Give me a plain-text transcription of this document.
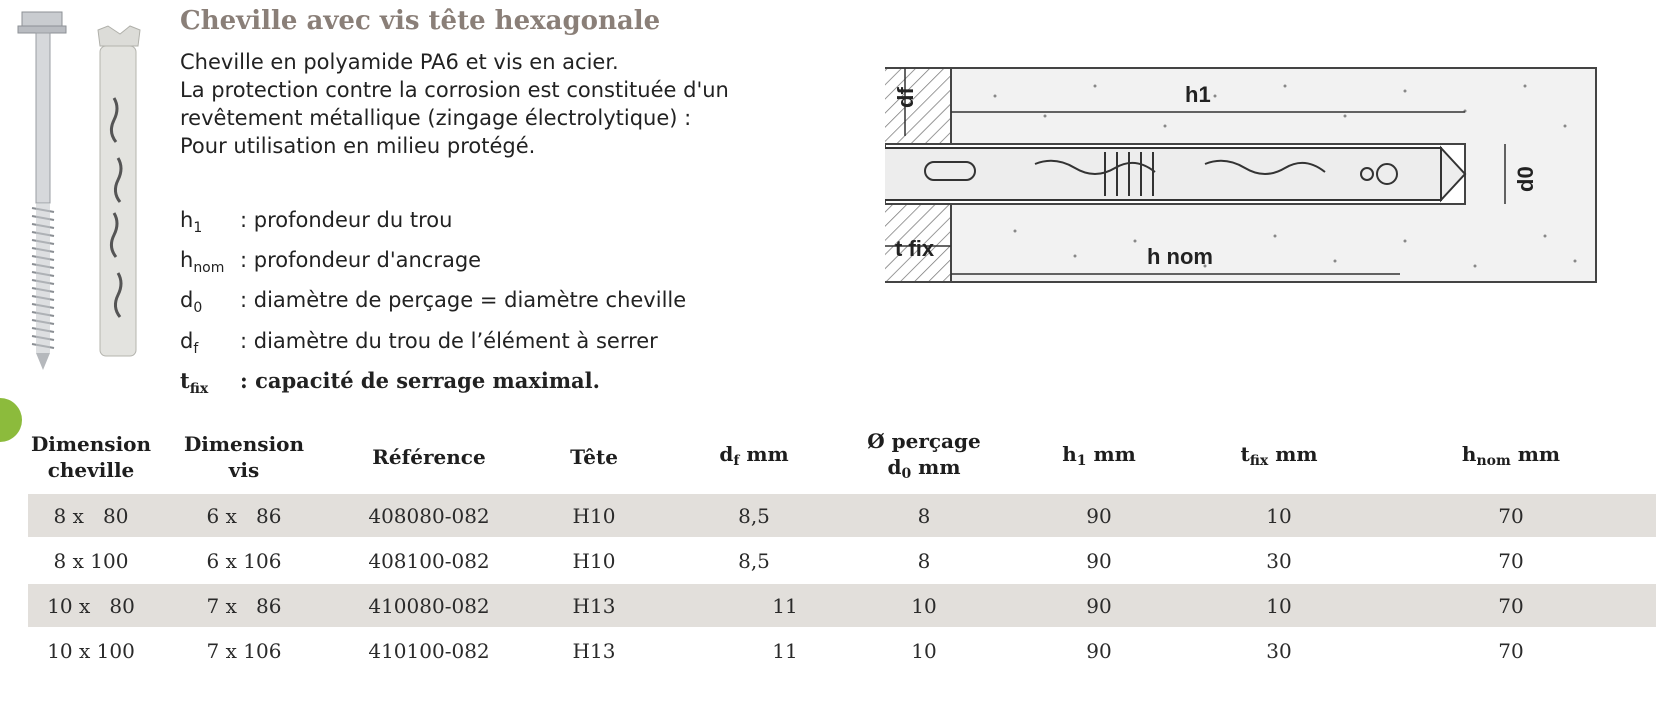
Cheville avec vis tête hexagonale
Cheville en polyamide PA6 et vis en acier.
La protection contre la corrosion est constituée d'un
revêtement métallique (zingage électrolytique) :
Pour utilisation en milieu protégé.
$h_1$	: profondeur du trou
$h_{nom}$ : profondeur d'ancrage
$d_0$	: diamètre de perçage = diamètre cheville
$d_f$	: diamètre du trou de l’élément à serrer
$t_{fix}$	: capacité de serrage maximal.
h1
t fix	h nom
df
d0
Dimension
cheville	Dimension
vis	Référence	Tête	$d_f$ mm	Ø perçage
$d_0$ mm	$h_1$ mm	$t_{fix}$ mm	$h_{nom}$ mm
8 x   80	6 x   86	408080-082	H10	8,5	8	90	10	70

8 x 100	6 x 106	408100-082	H10	8,5	8	90	30	70

10 x   80	7 x   86	410080-082	H13	11	10	90	10	70

10 x 100	7 x 106	410100-082	H13	11	10	90	30	70
